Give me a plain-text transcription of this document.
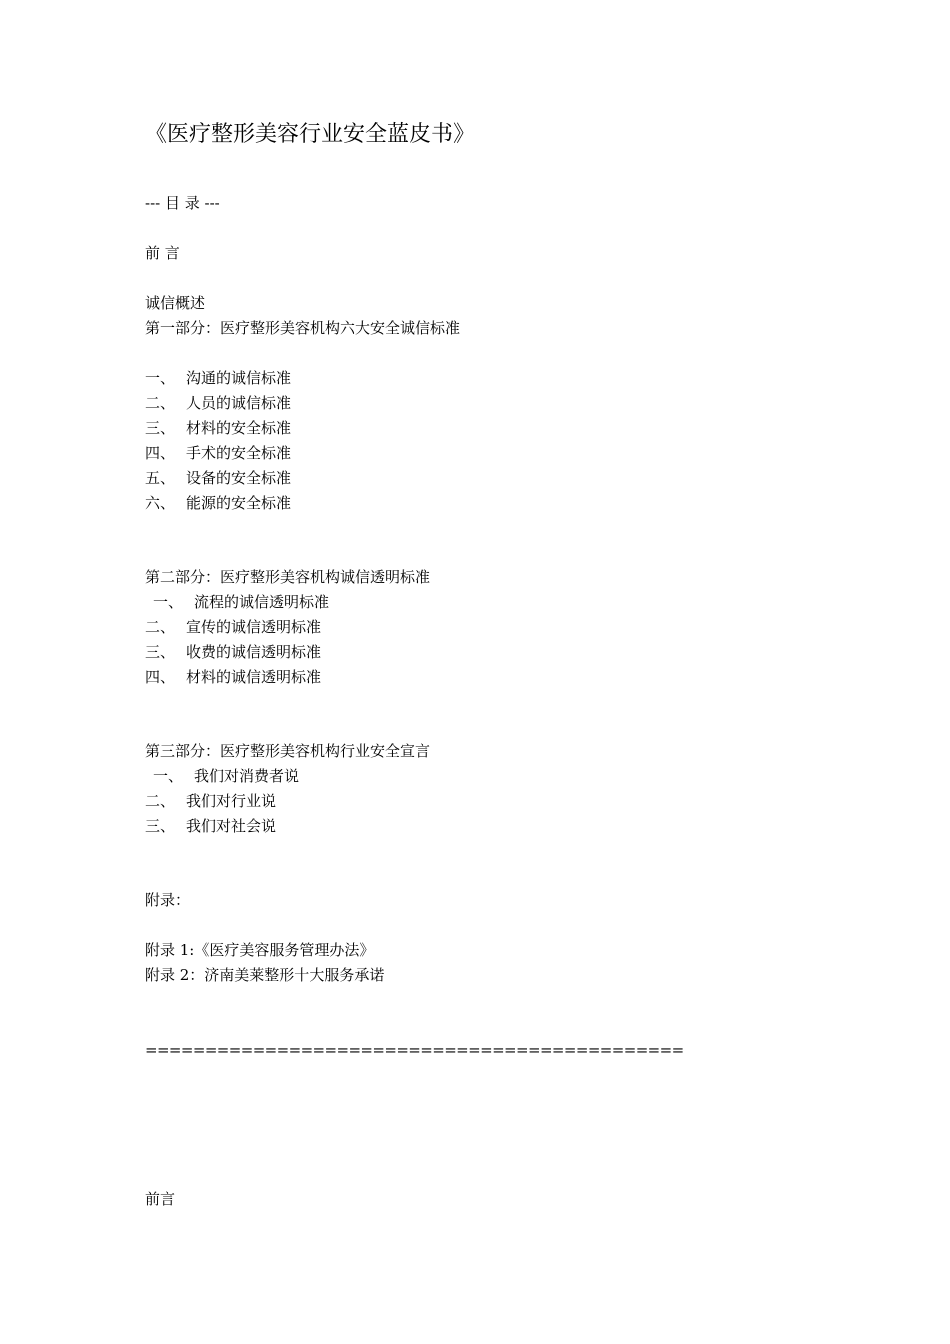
《医疗整形美容行业安全蓝皮书》
--- 目 录 ---
前 言
诚信概述
第一部分：医疗整形美容机构六大安全诚信标准
一、 沟通的诚信标准
二、 人员的诚信标准
三、 材料的安全标准
四、 手术的安全标准
五、 设备的安全标准
六、 能源的安全标准
第二部分：医疗整形美容机构诚信透明标准
一、 流程的诚信透明标准
二、 宣传的诚信透明标准
三、 收费的诚信透明标准
四、 材料的诚信透明标准
第三部分：医疗整形美容机构行业安全宣言
一、 我们对消费者说
二、 我们对行业说
三、 我们对社会说
附录：
附录 1:《医疗美容服务管理办法》
附录 2：济南美莱整形十大服务承诺
=============================================
前言
